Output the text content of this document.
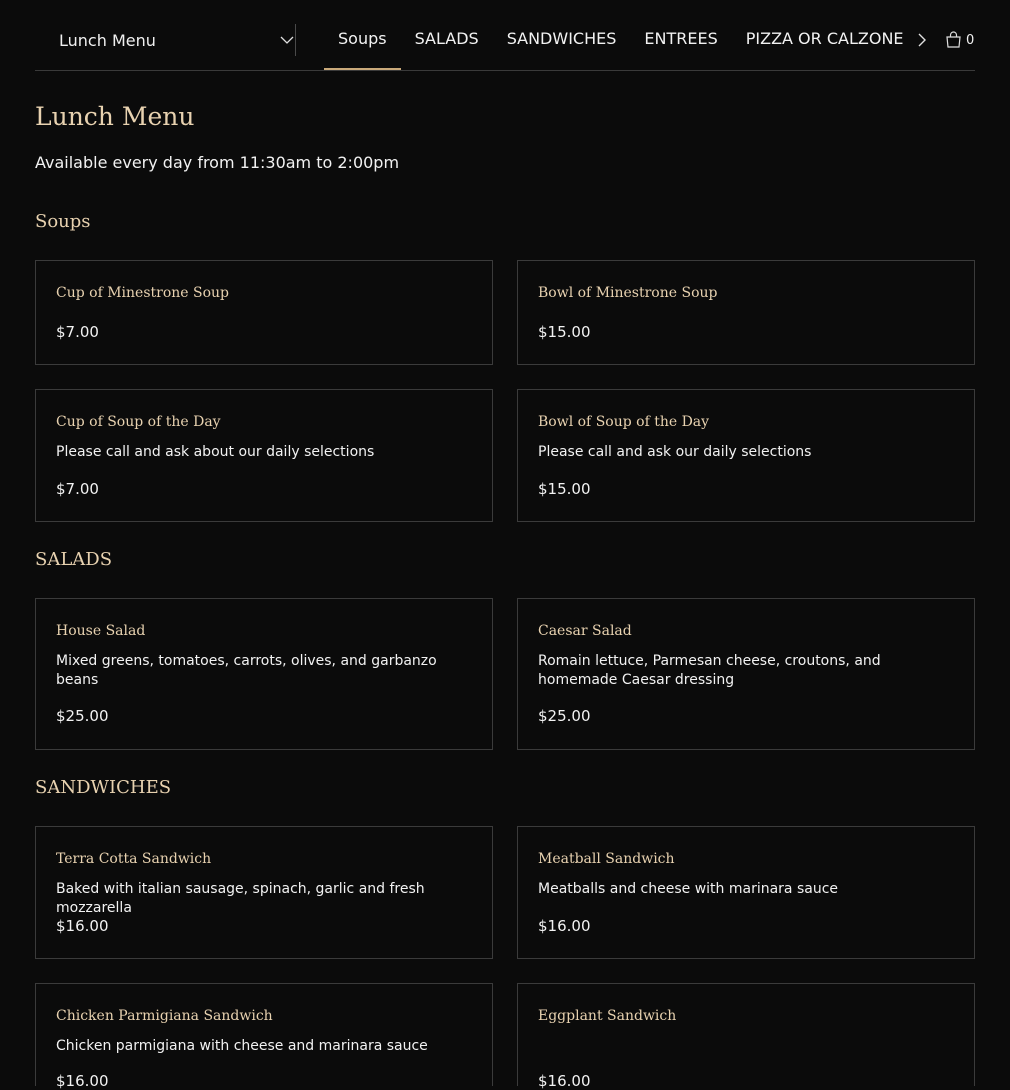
Lunch Menu	Soups SALADS SANDWICHES ENTREES PIZZA OR CALZONE	0
Lunch Menu

Available every day from 11:30am to 2:00pm

Soups
Cup of Minestrone Soup
$7.00
Bowl of Minestrone Soup
$15.00
Cup of Soup of the Day
Please call and ask about our daily selections
$7.00
Bowl of Soup of the Day
Please call and ask our daily selections
$15.00
SALADS
House Salad
Mixed greens, tomatoes, carrots, olives, and garbanzo beans
$25.00
Caesar Salad
Romain lettuce, Parmesan cheese, croutons, and homemade Caesar dressing
$25.00
SANDWICHES
Terra Cotta Sandwich
Baked with italian sausage, spinach, garlic and fresh mozzarella
$16.00
Meatball Sandwich
Meatballs and cheese with marinara sauce
$16.00
Chicken Parmigiana Sandwich
Chicken parmigiana with cheese and marinara sauce
$16.00
Eggplant Sandwich
$16.00
